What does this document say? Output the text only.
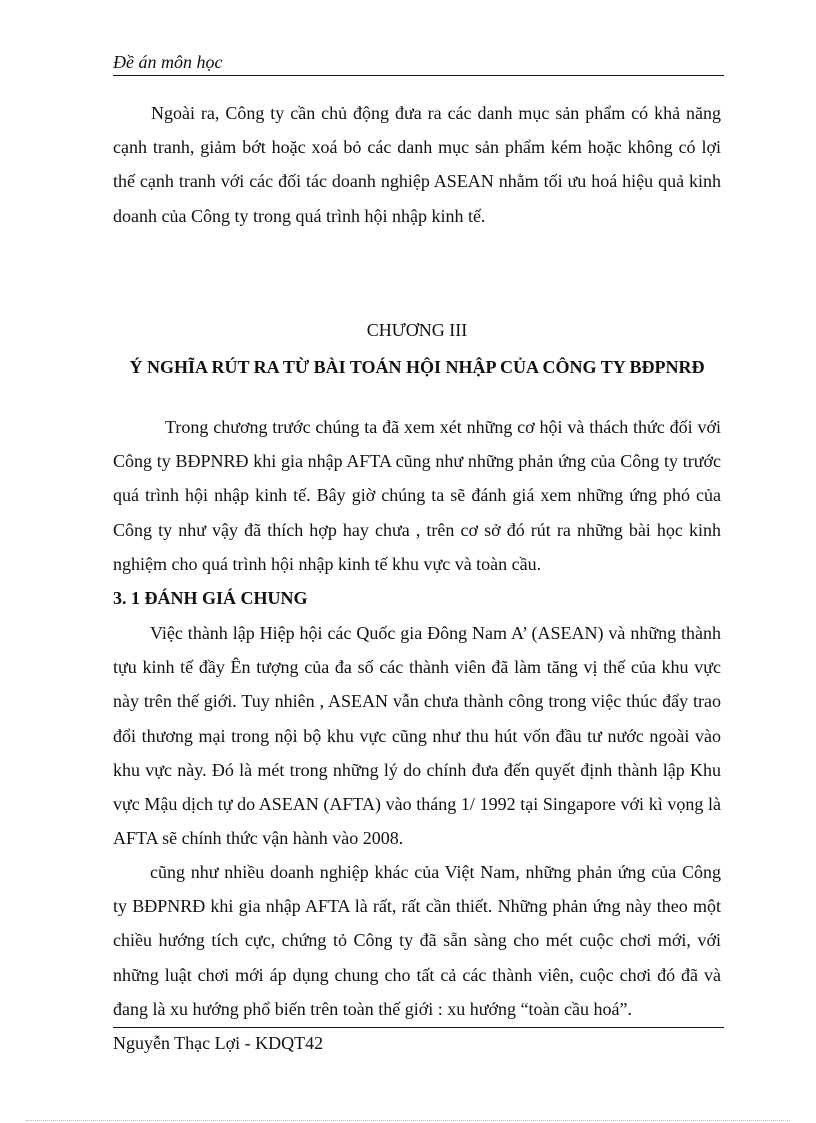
Đề án môn học
Ngoài ra, Công ty cần chủ động đưa ra các danh mục sản phẩm có khả năng cạnh tranh, giảm bớt hoặc xoá bỏ các danh mục sản phẩm kém hoặc không có lợi thế cạnh tranh với các đối tác doanh nghiệp ASEAN nhằm tối ưu hoá hiệu quả kinh doanh của Công ty trong quá trình hội nhập kinh tế.
CHƯƠNG III
Ý NGHĨA RÚT RA TỪ BÀI TOÁN HỘI NHẬP CỦA CÔNG TY BĐPNRĐ
Trong chương trước chúng ta đã xem xét những cơ hội và thách thức đối với Công ty BĐPNRĐ khi gia nhập AFTA cũng như những phản ứng của Công ty trước quá trình hội nhập kinh tế. Bây giờ chúng ta sẽ đánh giá xem những ứng phó của Công ty như vậy đã thích hợp hay chưa , trên cơ sở đó rút ra những bài học kinh nghiệm cho quá trình hội nhập kinh tế khu vực và toàn cầu.
3. 1 ĐÁNH GIÁ CHUNG
Việc thành lập Hiệp hội các Quốc gia Đông Nam A’ (ASEAN) và những thành tựu kinh tế đầy Ên tượng của đa số các thành viên đã làm tăng vị thế của khu vực này trên thế giới. Tuy nhiên , ASEAN vẫn chưa thành công trong việc thúc đẩy trao đổi thương mại trong nội bộ khu vực cũng như thu hút vốn đầu tư nước ngoài vào khu vực này. Đó là mét trong những lý do chính đưa đến quyết định thành lập Khu vực Mậu dịch tự do ASEAN (AFTA) vào tháng 1/ 1992 tại Singapore với kì vọng là AFTA sẽ chính thức vận hành vào 2008.
cũng như nhiều doanh nghiệp khác của Việt Nam, những phản ứng của Công ty BĐPNRĐ khi gia nhập AFTA là rất, rất cần thiết. Những phản ứng này theo một chiều hướng tích cực, chứng tỏ Công ty đã sẵn sàng cho mét cuộc chơi mới, với những luật chơi mới áp dụng chung cho tất cả các thành viên, cuộc chơi đó đã và đang là xu hướng phổ biến trên toàn thế giới : xu hướng “toàn cầu hoá”.
Nguyễn Thạc Lợi - KDQT42
